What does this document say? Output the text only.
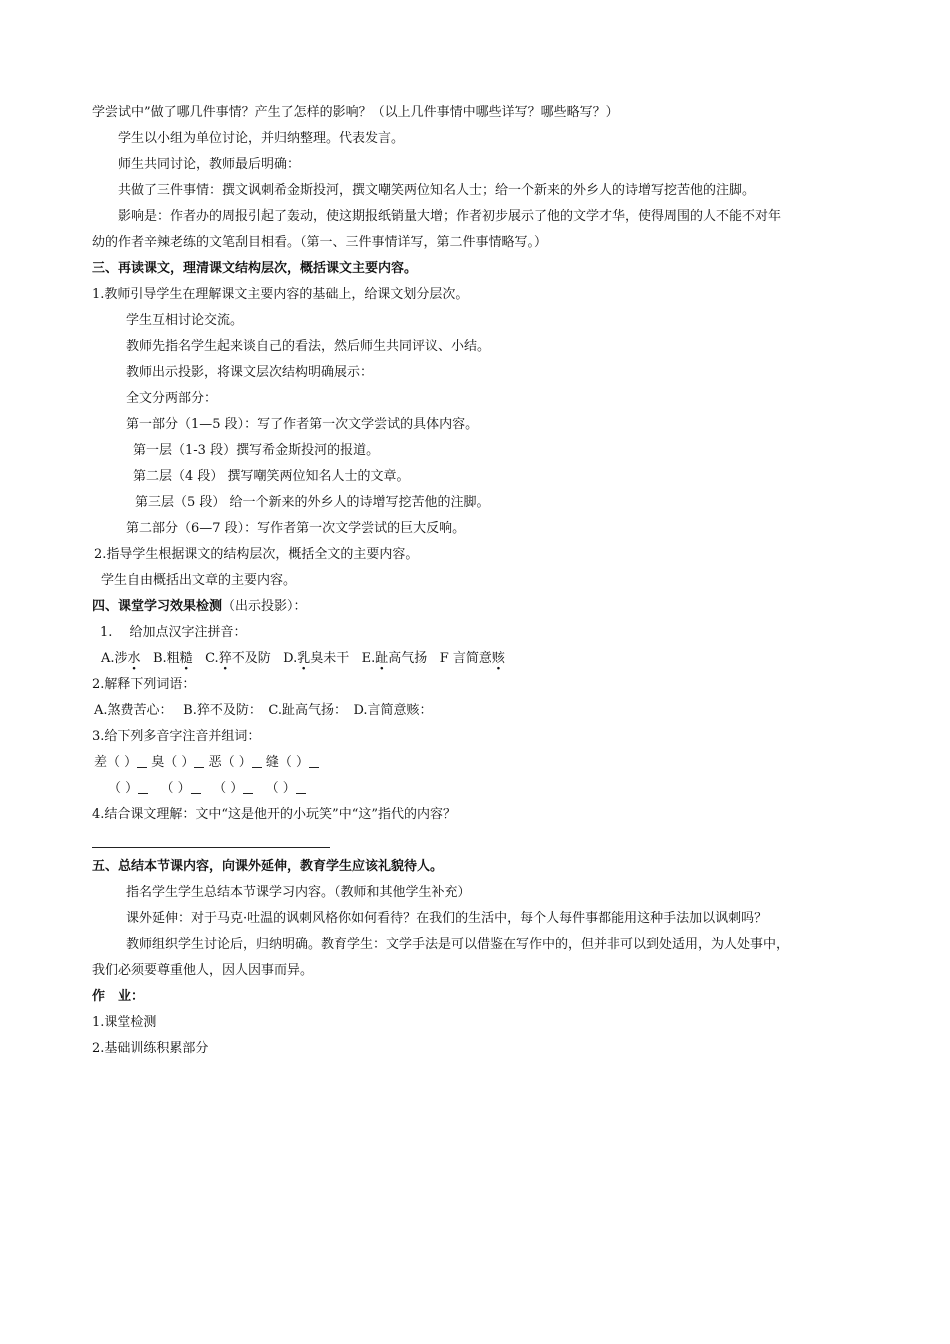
学尝试中”做了哪几件事情？产生了怎样的影响？（以上几件事情中哪些详写？哪些略写？）
学生以小组为单位讨论，并归纳整理。代表发言。
师生共同讨论，教师最后明确：
共做了三件事情：撰文讽刺希金斯投河，撰文嘲笑两位知名人士；给一个新来的外乡人的诗增写挖苦他的注脚。
影响是：作者办的周报引起了轰动，使这期报纸销量大增；作者初步展示了他的文学才华，使得周围的人不能不对年
幼的作者辛辣老练的文笔刮目相看。（第一、三件事情详写，第二件事情略写。）
三、再读课文，理清课文结构层次，概括课文主要内容。
1.教师引导学生在理解课文主要内容的基础上，给课文划分层次。
学生互相讨论交流。
教师先指名学生起来谈自己的看法，然后师生共同评议、小结。
教师出示投影，将课文层次结构明确展示：
全文分两部分：
第一部分（1—5 段）：写了作者第一次文学尝试的具体内容。
第一层（1-3 段）撰写希金斯投河的报道。
第二层（4 段） 撰写嘲笑两位知名人士的文章。
第三层（5 段） 给一个新来的外乡人的诗增写挖苦他的注脚。
第二部分（6—7 段）：写作者第一次文学尝试的巨大反响。
2.指导学生根据课文的结构层次，概括全文的主要内容。
学生自由概括出文章的主要内容。
四、课堂学习效果检测（出示投影）：
1.　 给加点汉字注拼音：
A.涉水 B.粗糙 C.猝不及防 D.乳臭未干 E.趾高气扬 F 言简意赅
2.解释下列词语：
A.煞费苦心：　 B.猝不及防：　C.趾高气扬：　D.言简意赅：
3.给下列多音字注音并组词：
差（ ） 臭（ ） 恶（ ） 缝（ ）
（ ） （ ） （ ） （ ）
4.结合课文理解：文中“这是他开的小玩笑”中“这”指代的内容？
五、总结本节课内容，向课外延伸，教育学生应该礼貌待人。
指名学生学生总结本节课学习内容。（教师和其他学生补充）
课外延伸：对于马克·吐温的讽刺风格你如何看待？在我们的生活中，每个人每件事都能用这种手法加以讽刺吗？
教师组织学生讨论后，归纳明确。教育学生：文学手法是可以借鉴在写作中的，但并非可以到处适用，为人处事中，
我们必须要尊重他人，因人因事而异。
作　业：
1.课堂检测
2.基础训练积累部分
